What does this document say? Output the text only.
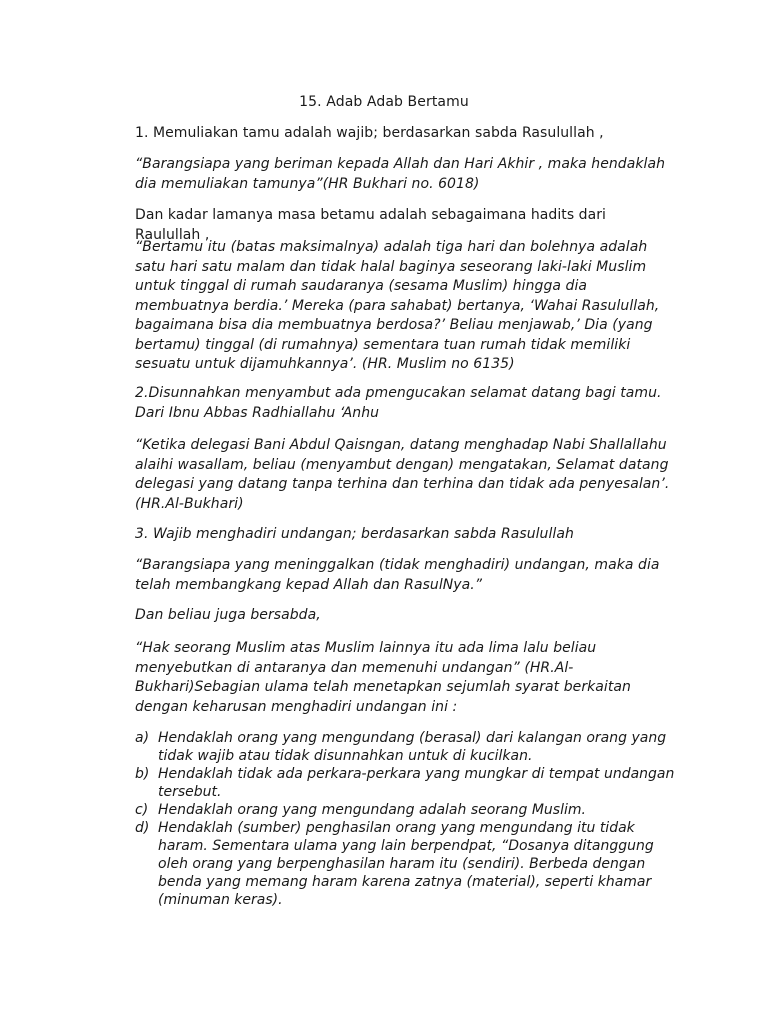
15. Adab Adab Bertamu

1. Memuliakan tamu adalah wajib; berdasarkan sabda Rasulullah ,

“Barangsiapa yang beriman kepada Allah dan Hari Akhir , maka hendaklah dia memuliakan tamunya”(HR Bukhari no. 6018)

Dan kadar lamanya masa betamu adalah sebagaimana hadits dari Raulullah ,

“Bertamu itu (batas maksimalnya) adalah tiga hari dan bolehnya adalah satu hari satu malam dan tidak halal baginya seseorang laki-laki Muslim untuk tinggal di rumah saudaranya (sesama Muslim) hingga dia membuatnya berdia.’ Mereka (para sahabat) bertanya, ‘Wahai Rasulullah, bagaimana bisa dia membuatnya berdosa?’ Beliau menjawab,’ Dia (yang bertamu) tinggal (di rumahnya) sementara tuan rumah tidak memiliki sesuatu untuk dijamuhkannya’. (HR. Muslim no 6135)

2.Disunnahkan menyambut ada pmengucakan selamat datang bagi tamu. Dari Ibnu Abbas Radhiallahu ‘Anhu

“Ketika delegasi Bani Abdul Qaisngan, datang menghadap Nabi Shallallahu alaihi wasallam, beliau (menyambut dengan) mengatakan, Selamat datang delegasi yang datang tanpa terhina dan terhina dan tidak ada penyesalan’. (HR.Al-Bukhari)

3. Wajib menghadiri undangan; berdasarkan sabda Rasulullah

“Barangsiapa yang meninggalkan (tidak menghadiri) undangan, maka dia telah membangkang kepad Allah dan RasulNya.”

Dan beliau juga bersabda,

“Hak seorang Muslim atas Muslim lainnya itu ada lima lalu beliau menyebutkan di antaranya dan memenuhi undangan” (HR.Al-Bukhari)Sebagian ulama telah menetapkan sejumlah syarat berkaitan dengan keharusan menghadiri undangan ini :

a) Hendaklah orang yang mengundang (berasal) dari kalangan orang yang tidak wajib atau tidak disunnahkan untuk di kucilkan.
b) Hendaklah tidak ada perkara-perkara yang mungkar di tempat undangan tersebut.
c) Hendaklah orang yang mengundang adalah seorang Muslim.
d) Hendaklah (sumber) penghasilan orang yang mengundang itu tidak haram. Sementara ulama yang lain berpendpat, “Dosanya ditanggung oleh orang yang berpenghasilan haram itu (sendiri). Berbeda dengan benda yang memang haram karena zatnya (material), seperti khamar (minuman keras).
